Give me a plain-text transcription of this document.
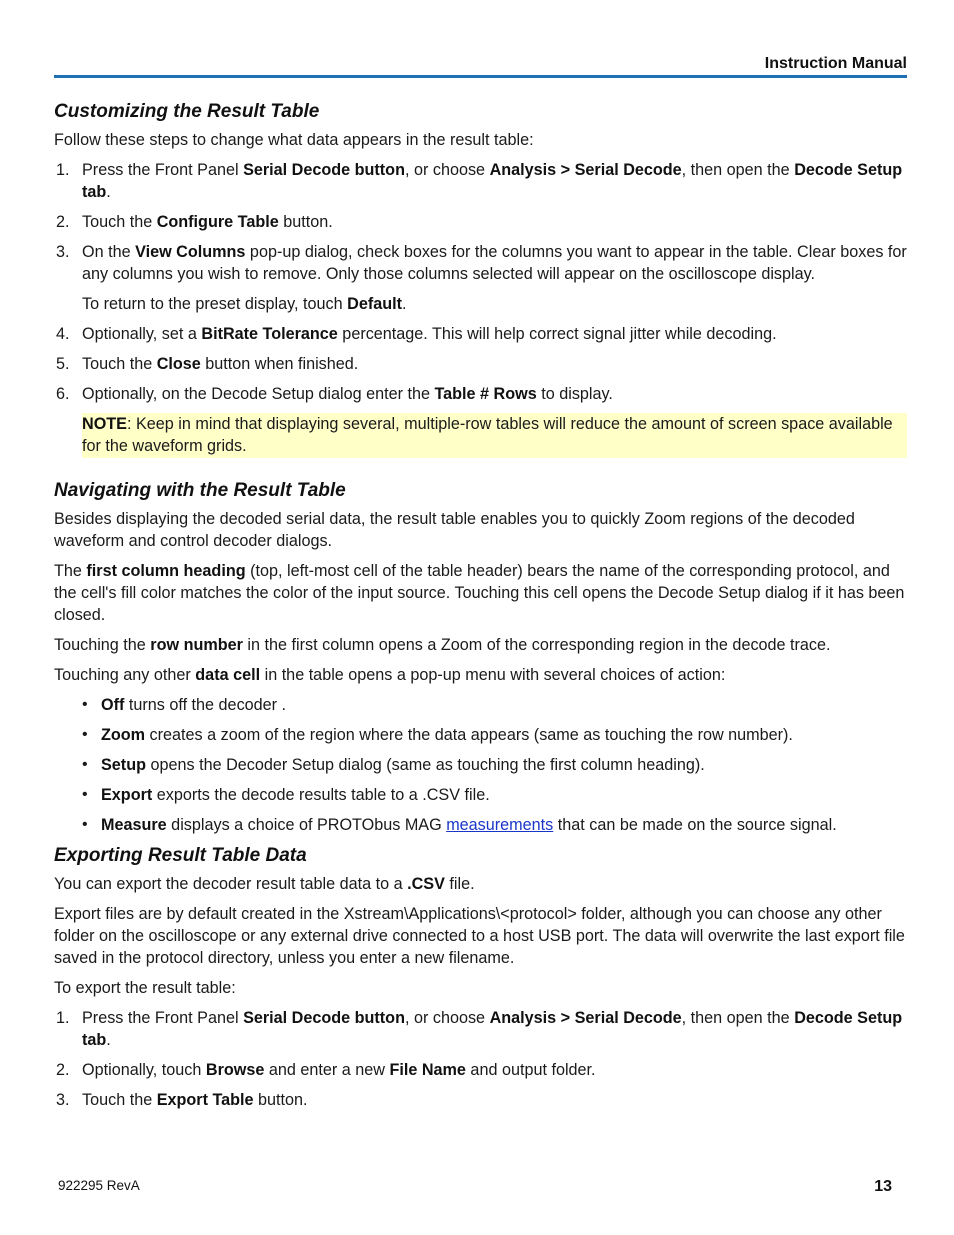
Instruction Manual
Customizing the Result Table

Follow these steps to change what data appears in the result table:

1. Press the Front Panel Serial Decode button, or choose Analysis > Serial Decode, then open the Decode Setup tab.
2. Touch the Configure Table button.
3. On the View Columns pop-up dialog, check boxes for the columns you want to appear in the table. Clear boxes for any columns you wish to remove. Only those columns selected will appear on the oscilloscope display.

To return to the preset display, touch Default.

4. Optionally, set a BitRate Tolerance percentage. This will help correct signal jitter while decoding.
5. Touch the Close button when finished.
6. Optionally, on the Decode Setup dialog enter the Table # Rows to display.
NOTE: Keep in mind that displaying several, multiple-row tables will reduce the amount of screen space available for the waveform grids.
Navigating with the Result Table

Besides displaying the decoded serial data, the result table enables you to quickly Zoom regions of the decoded waveform and control decoder dialogs.

The first column heading (top, left-most cell of the table header) bears the name of the corresponding protocol, and the cell's fill color matches the color of the input source. Touching this cell opens the Decode Setup dialog if it has been closed.

Touching the row number in the first column opens a Zoom of the corresponding region in the decode trace.

Touching any other data cell in the table opens a pop-up menu with several choices of action:

• Off turns off the decoder .
• Zoom creates a zoom of the region where the data appears (same as touching the row number).
• Setup opens the Decoder Setup dialog (same as touching the first column heading).
• Export exports the decode results table to a .CSV file.
• Measure displays a choice of PROTObus MAG measurements that can be made on the source signal.
Exporting Result Table Data

You can export the decoder result table data to a .CSV file.

Export files are by default created in the Xstream\Applications\<protocol> folder, although you can choose any other folder on the oscilloscope or any external drive connected to a host USB port. The data will overwrite the last export file saved in the protocol directory, unless you enter a new filename.

To export the result table:

1. Press the Front Panel Serial Decode button, or choose Analysis > Serial Decode, then open the Decode Setup tab.
2. Optionally, touch Browse and enter a new File Name and output folder.
3. Touch the Export Table button.
922295 RevA	13
